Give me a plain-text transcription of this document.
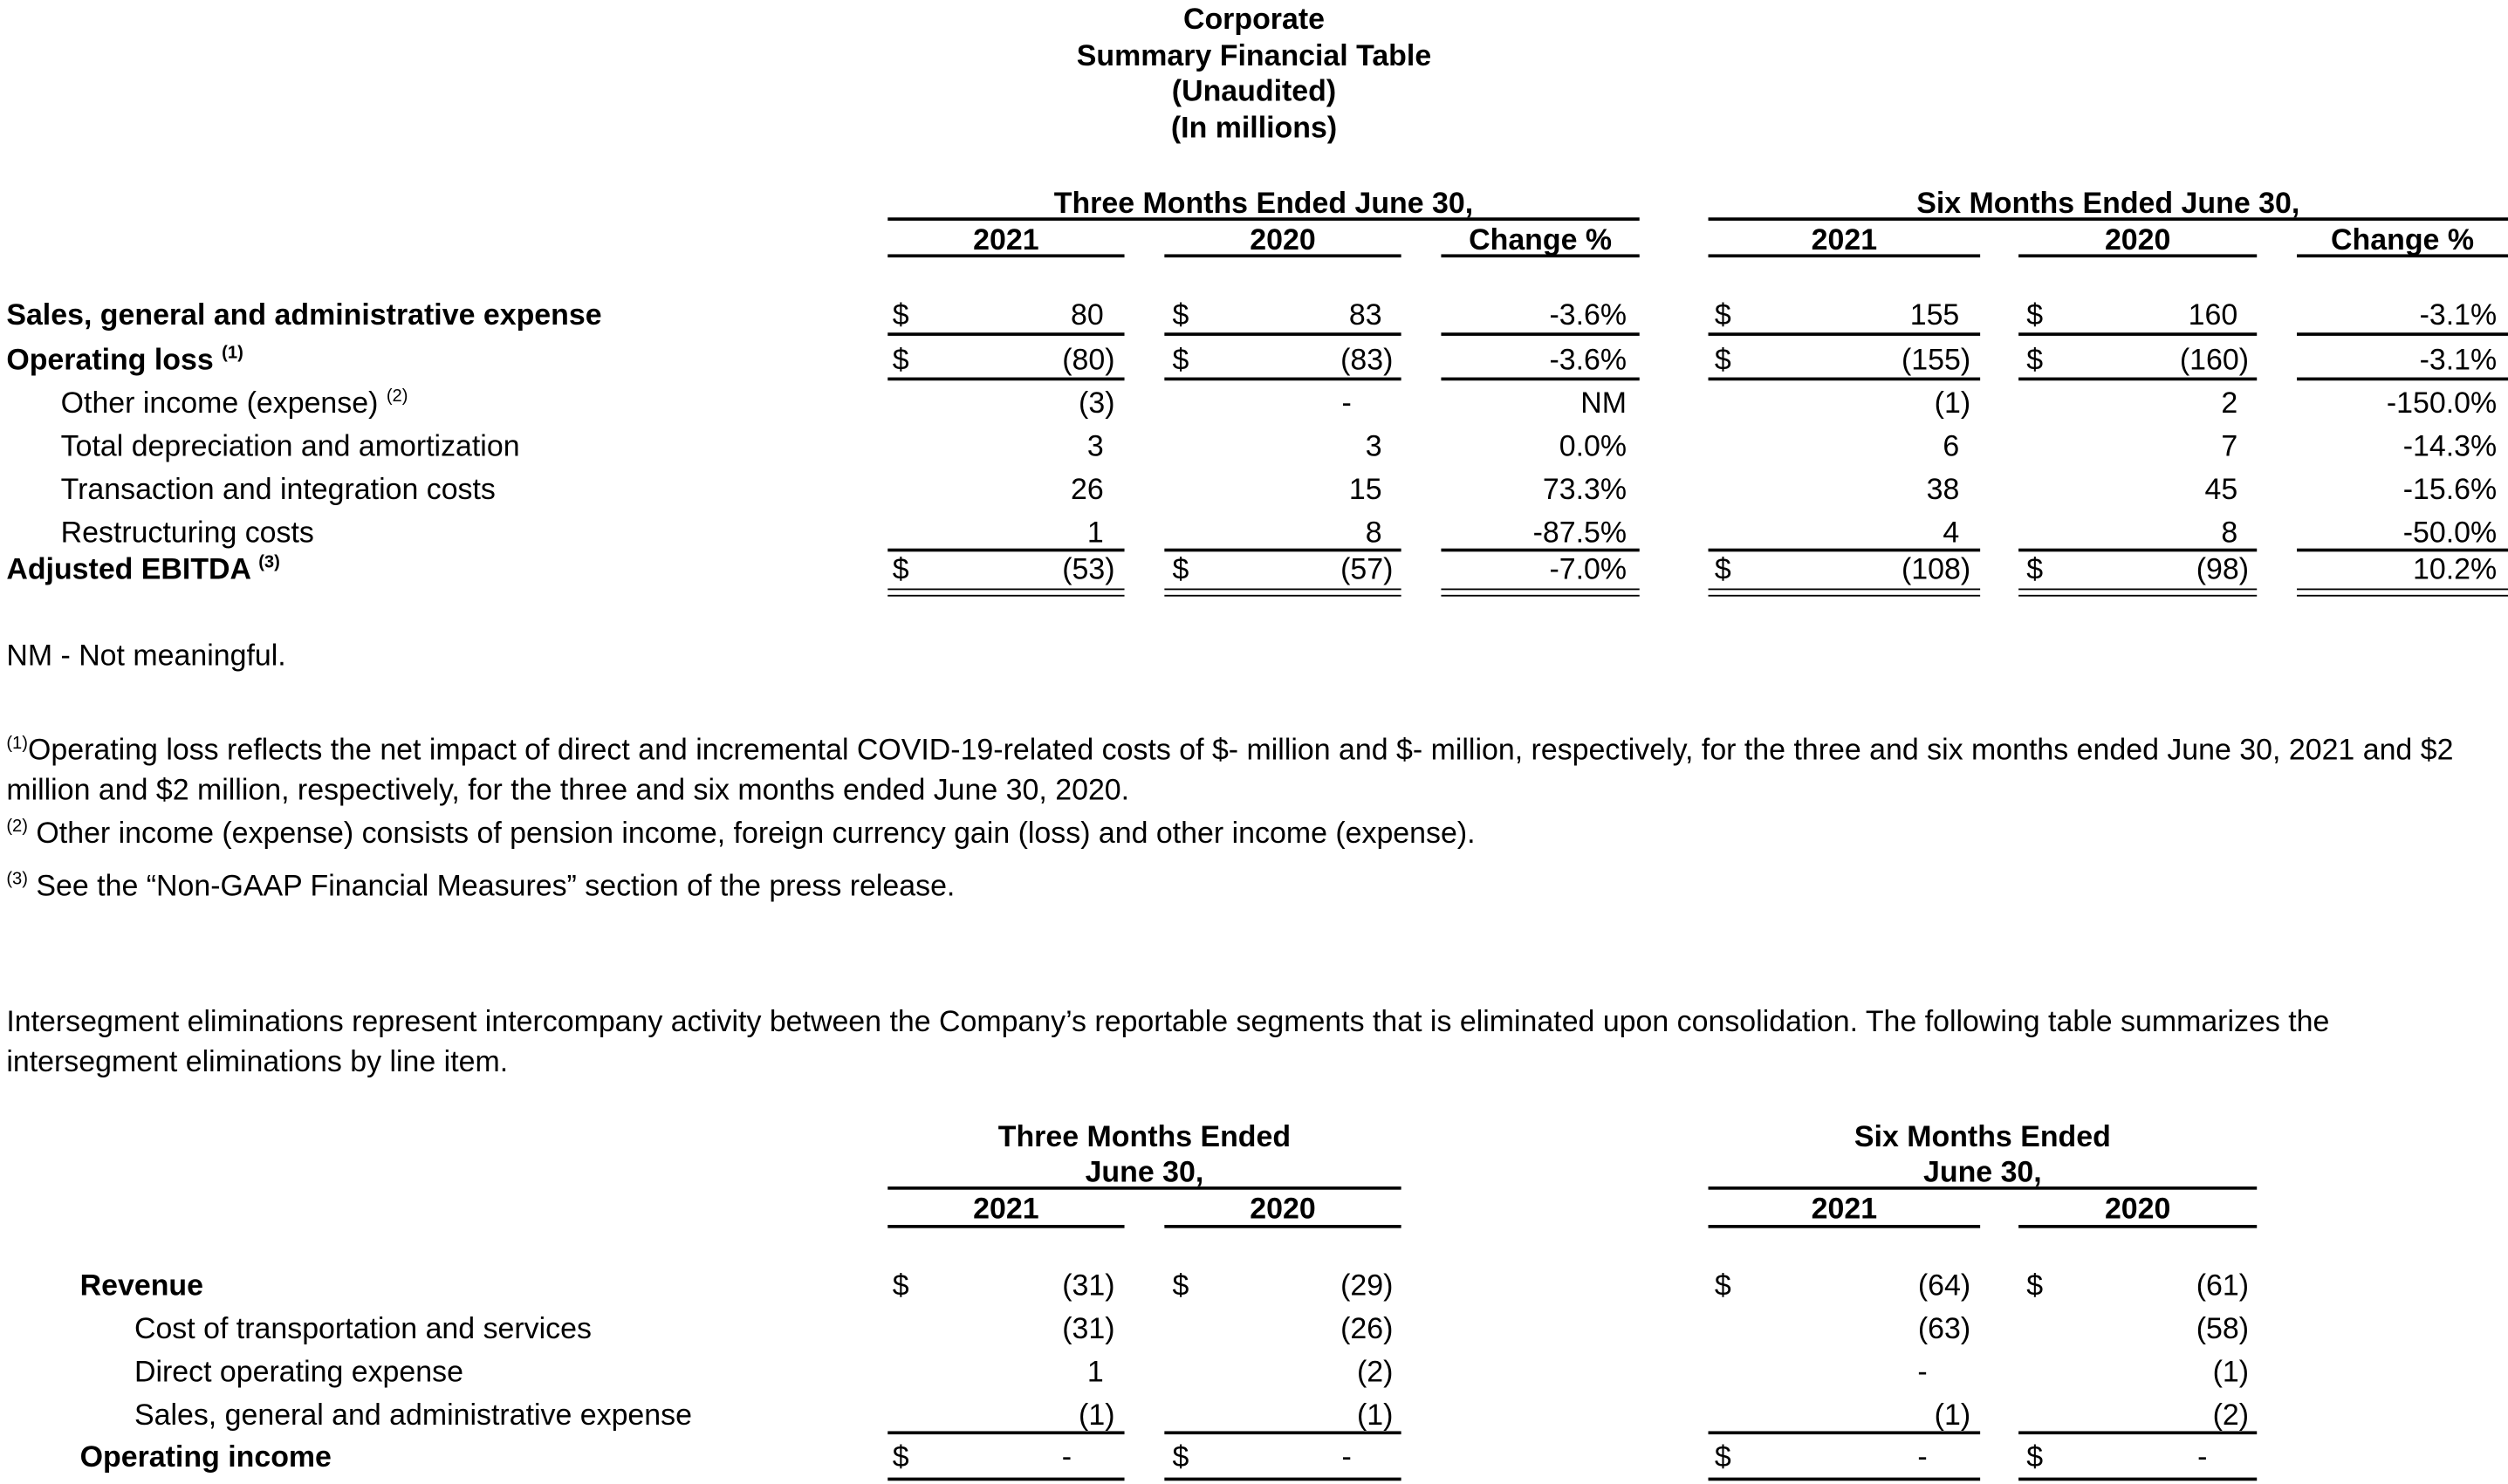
Corporate
Summary Financial Table
(Unaudited)
(In millions)
Three Months Ended June 30,	Six Months Ended June 30,
2021	2020	Change %	2021	2020	Change %
Sales, general and administrative expense	$	80	$	83	-3.6%	$	155	$	160	-3.1%
Operating loss $^{(1)}$	$	(80)	$	(83)	-3.6%	$	(155)	$	(160)	-3.1%
Other income (expense) $^{(2)}$	(3)	-	NM	(1)	2	-150.0%
Total depreciation and amortization	3	3	0.0%	6	7	-14.3%
Transaction and integration costs	26	15	73.3%	38	45	-15.6%
Restructuring costs	1	8	-87.5%	4	8	-50.0%
Adjusted EBITDA $^{(3)}$	$	(53)	$	(57)	-7.0%	$	(108)	$	(98)	10.2%
NM - Not meaningful.
$^{(1)}$Operating loss reflects the net impact of direct and incremental COVID-19-related costs of $- million and $- million, respectively, for the three and six months ended June 30, 2021 and $2 million and $2 million, respectively, for the three and six months ended June 30, 2020.
$^{(2)}$ Other income (expense) consists of pension income, foreign currency gain (loss) and other income (expense).
$^{(3)}$ See the “Non-GAAP Financial Measures” section of the press release.
Intersegment eliminations represent intercompany activity between the Company’s reportable segments that is eliminated upon consolidation. The following table summarizes the intersegment eliminations by line item.
Three Months Ended
June 30,
Six Months Ended
June 30,
2021	2020	2021	2020
Revenue	$	(31)	$	(29)	$	(64)	$	(61)
Cost of transportation and services	(31)	(26)	(63)	(58)
Direct operating expense	1	(2)	-	(1)
Sales, general and administrative expense	(1)	(1)	(1)	(2)
Operating income	$	-	$	-	$	-	$	-
